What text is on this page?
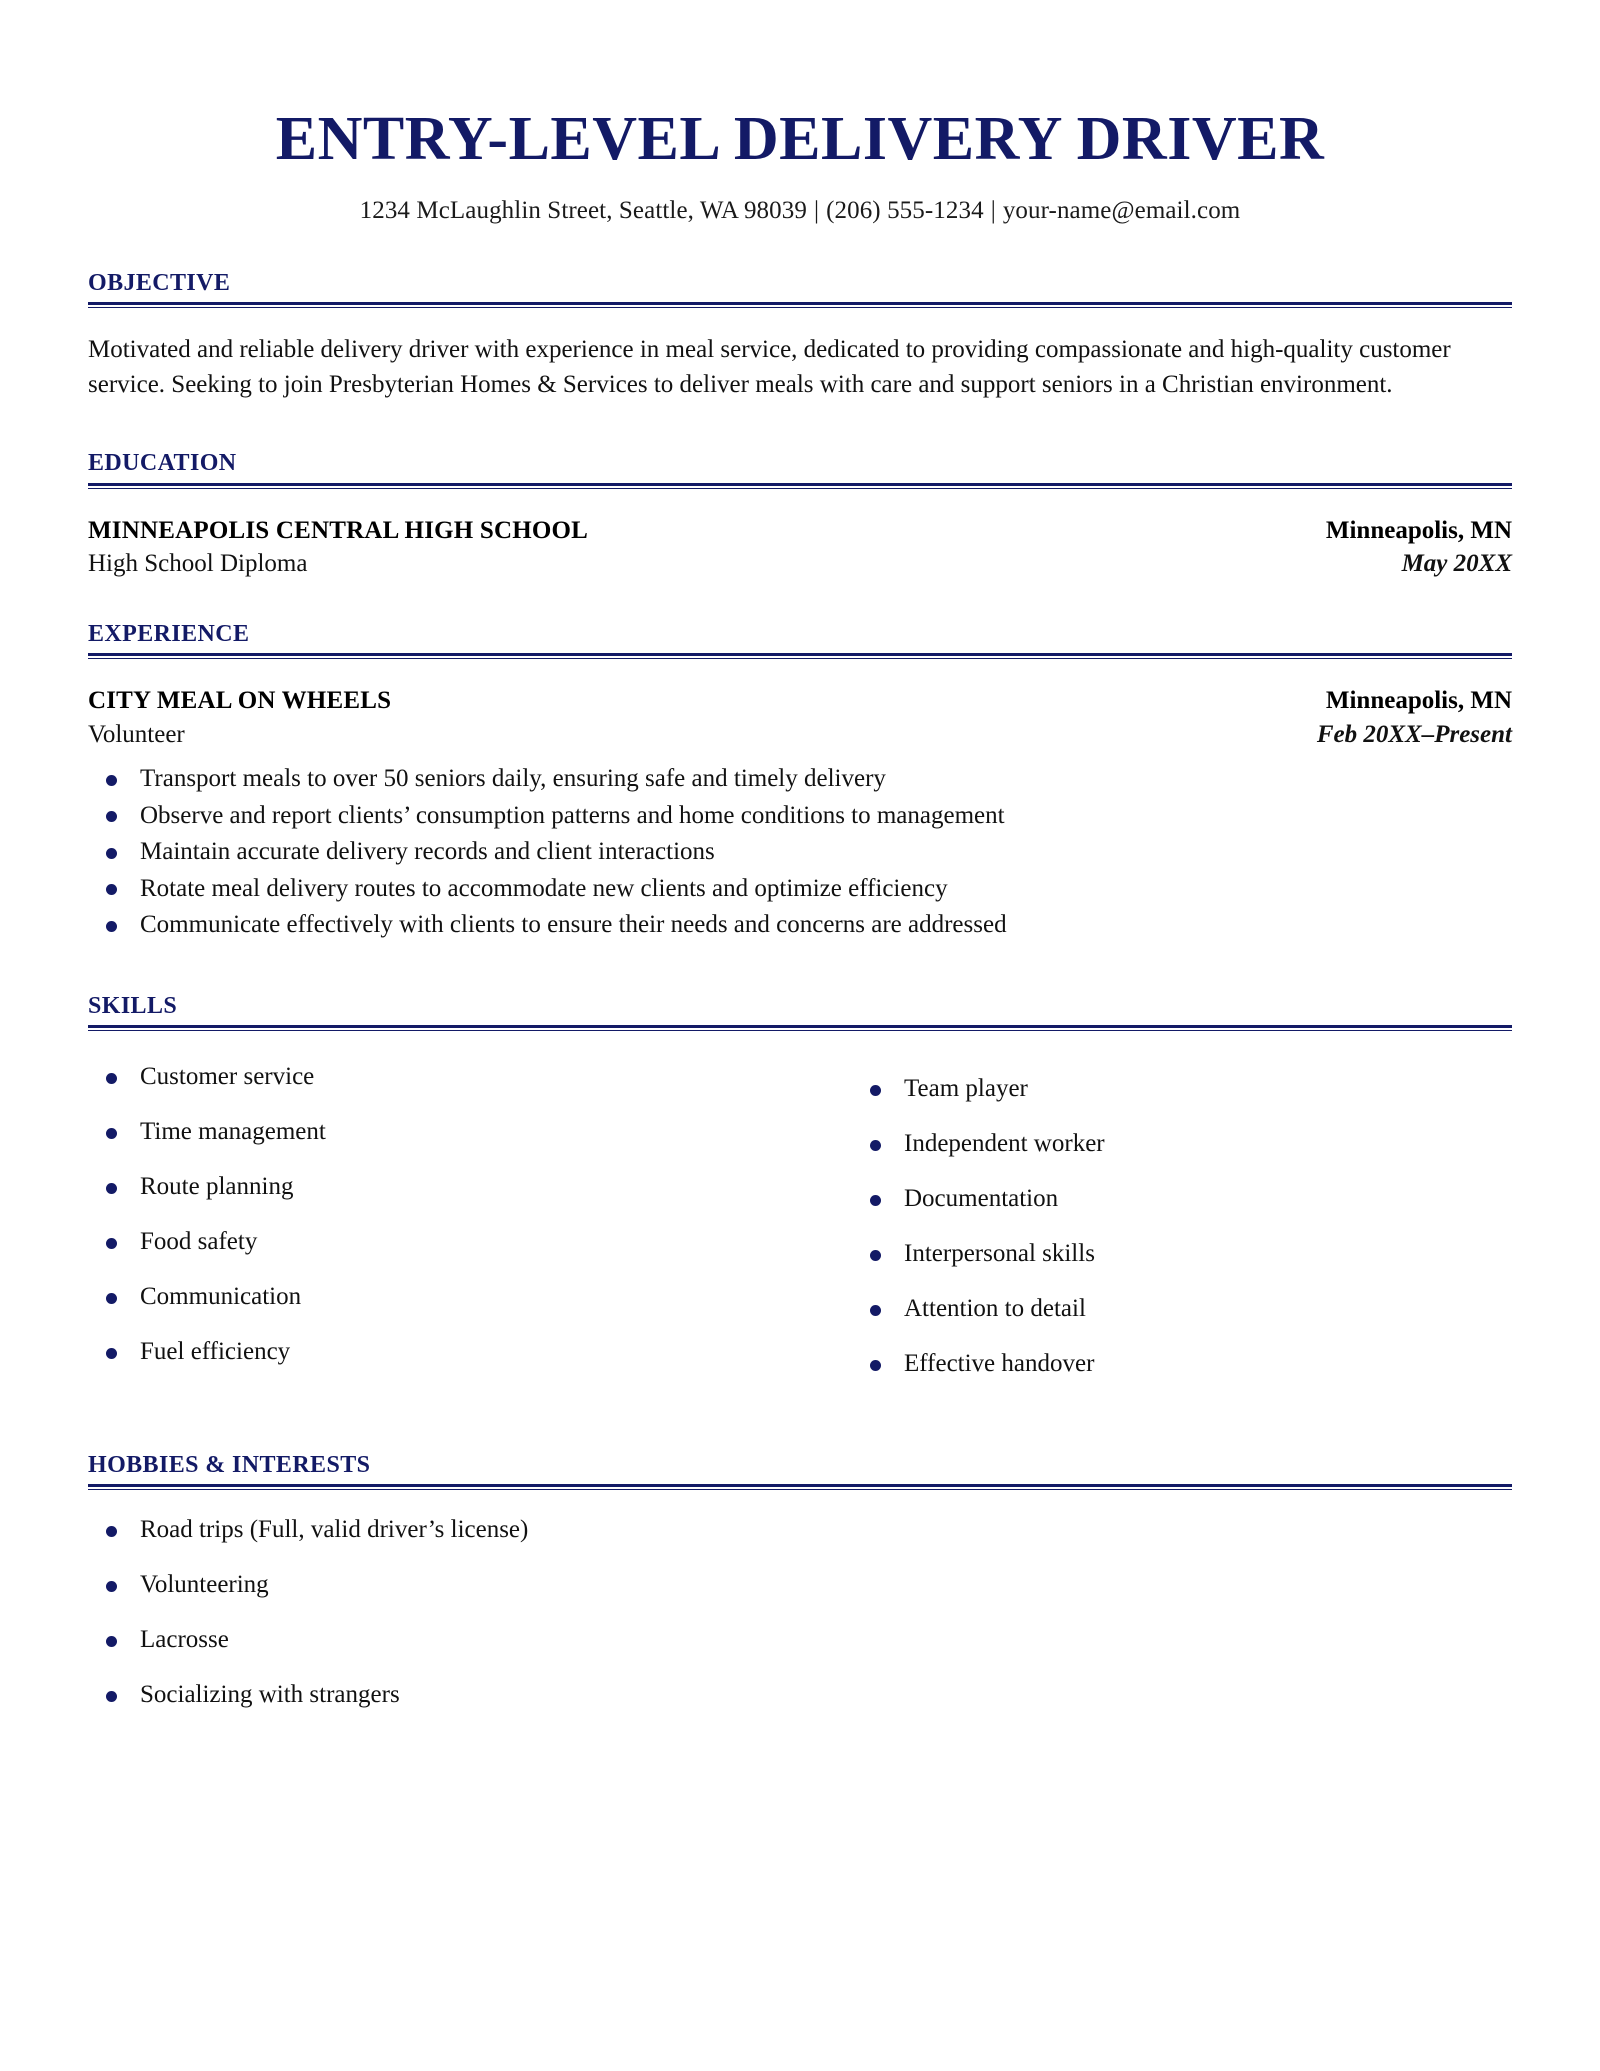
ENTRY-LEVEL DELIVERY DRIVER
1234 McLaughlin Street, Seattle, WA 98039 | (206) 555-1234 | your-name@email.com
OBJECTIVE

Motivated and reliable delivery driver with experience in meal service, dedicated to providing compassionate and high-quality customer service. Seeking to join Presbyterian Homes & Services to deliver meals with care and support seniors in a Christian environment.

EDUCATION
MINNEAPOLIS CENTRAL HIGH SCHOOL	Minneapolis, MN
High School Diploma	May 20XX
EXPERIENCE
CITY MEAL ON WHEELS	Minneapolis, MN
Volunteer	Feb 20XX–Present
Transport meals to over 50 seniors daily, ensuring safe and timely delivery
Observe and report clients’ consumption patterns and home conditions to management
Maintain accurate delivery records and client interactions
Rotate meal delivery routes to accommodate new clients and optimize efficiency
Communicate effectively with clients to ensure their needs and concerns are addressed
SKILLS
Customer service
Time management
Route planning
Food safety
Communication
Fuel efficiency
Team player
Independent worker
Documentation
Interpersonal skills
Attention to detail
Effective handover
HOBBIES & INTERESTS
Road trips (Full, valid driver’s license)
Volunteering
Lacrosse
Socializing with strangers
